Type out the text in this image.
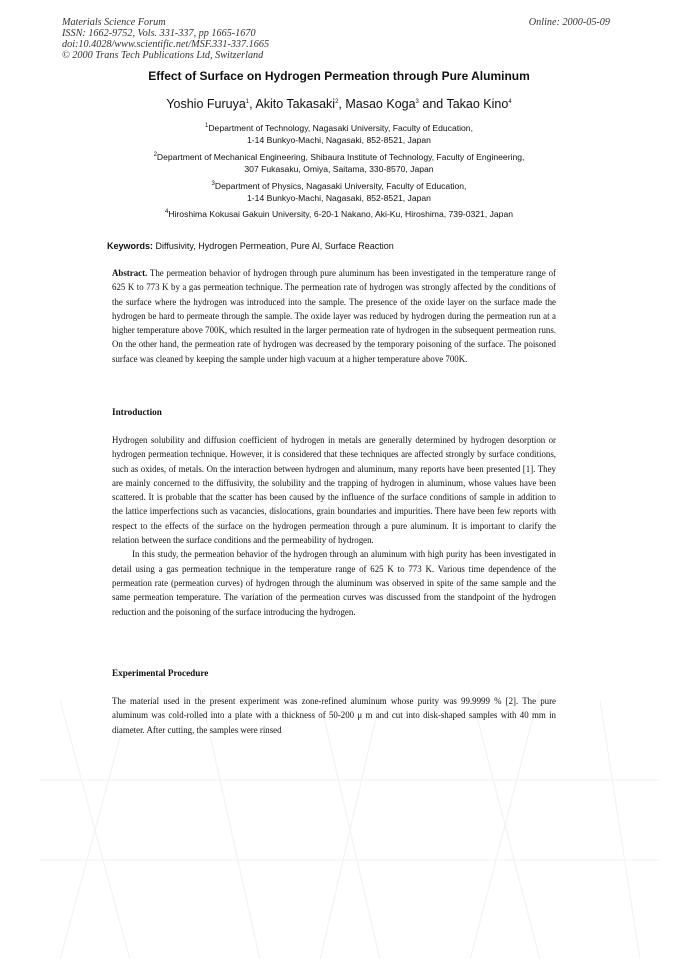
Materials Science Forum
ISSN: 1662-9752, Vols. 331-337, pp 1665-1670
doi:10.4028/www.scientific.net/MSF.331-337.1665
© 2000 Trans Tech Publications Ltd, Switzerland
Online: 2000-05-09
Effect of Surface on Hydrogen Permeation through Pure Aluminum
Yoshio Furuya$^1$, Akito Takasaki$^2$, Masao Koga$^3$ and Takao Kino$^4$
$^1$Department of Technology, Nagasaki University, Faculty of Education,
1-14 Bunkyo-Machi, Nagasaki, 852-8521, Japan
$^2$Department of Mechanical Engineering, Shibaura Institute of Technology, Faculty of Engineering,
307 Fukasaku, Omiya, Saitama, 330-8570, Japan
$^3$Department of Physics, Nagasaki University, Faculty of Education,
1-14 Bunkyo-Machi, Nagasaki, 852-8521, Japan
$^4$Hiroshima Kokusai Gakuin University, 6-20-1 Nakano, Aki-Ku, Hiroshima, 739-0321, Japan
Keywords: Diffusivity, Hydrogen Permeation, Pure Al, Surface Reaction
Abstract. The permeation behavior of hydrogen through pure aluminum has been investigated in the temperature range of 625 K to 773 K by a gas permeation technique. The permeation rate of hydrogen was strongly affected by the conditions of the surface where the hydrogen was introduced into the sample. The presence of the oxide layer on the surface made the hydrogen be hard to permeate through the sample. The oxide layer was reduced by hydrogen during the permeation run at a higher temperature above 700K, which resulted in the larger permeation rate of hydrogen in the subsequent permeation runs. On the other hand, the permeation rate of hydrogen was decreased by the temporary poisoning of the surface. The poisoned surface was cleaned by keeping the sample under high vacuum at a higher temperature above 700K.
Introduction
Hydrogen solubility and diffusion coefficient of hydrogen in metals are generally determined by hydrogen desorption or hydrogen permeation technique. However, it is considered that these techniques are affected strongly by surface conditions, such as oxides, of metals. On the interaction between hydrogen and aluminum, many reports have been presented [1]. They are mainly concerned to the diffusivity, the solubility and the trapping of hydrogen in aluminum, whose values have been scattered. It is probable that the scatter has been caused by the influence of the surface conditions of sample in addition to the lattice imperfections such as vacancies, dislocations, grain boundaries and impurities. There have been few reports with respect to the effects of the surface on the hydrogen permeation through a pure aluminum. It is important to clarify the relation between the surface conditions and the permeability of hydrogen.
In this study, the permeation behavior of the hydrogen through an aluminum with high purity has been investigated in detail using a gas permeation technique in the temperature range of 625 K to 773 K. Various time dependence of the permeation rate (permeation curves) of hydrogen through the aluminum was observed in spite of the same sample and the same permeation temperature. The variation of the permeation curves was discussed from the standpoint of the hydrogen reduction and the poisoning of the surface introducing the hydrogen.
Experimental Procedure
The material used in the present experiment was zone-refined aluminum whose purity was 99.9999 % [2]. The pure aluminum was cold-rolled into a plate with a thickness of 50-200 μ m and cut into disk-shaped samples with 40 mm in diameter. After cutting, the samples were rinsed
